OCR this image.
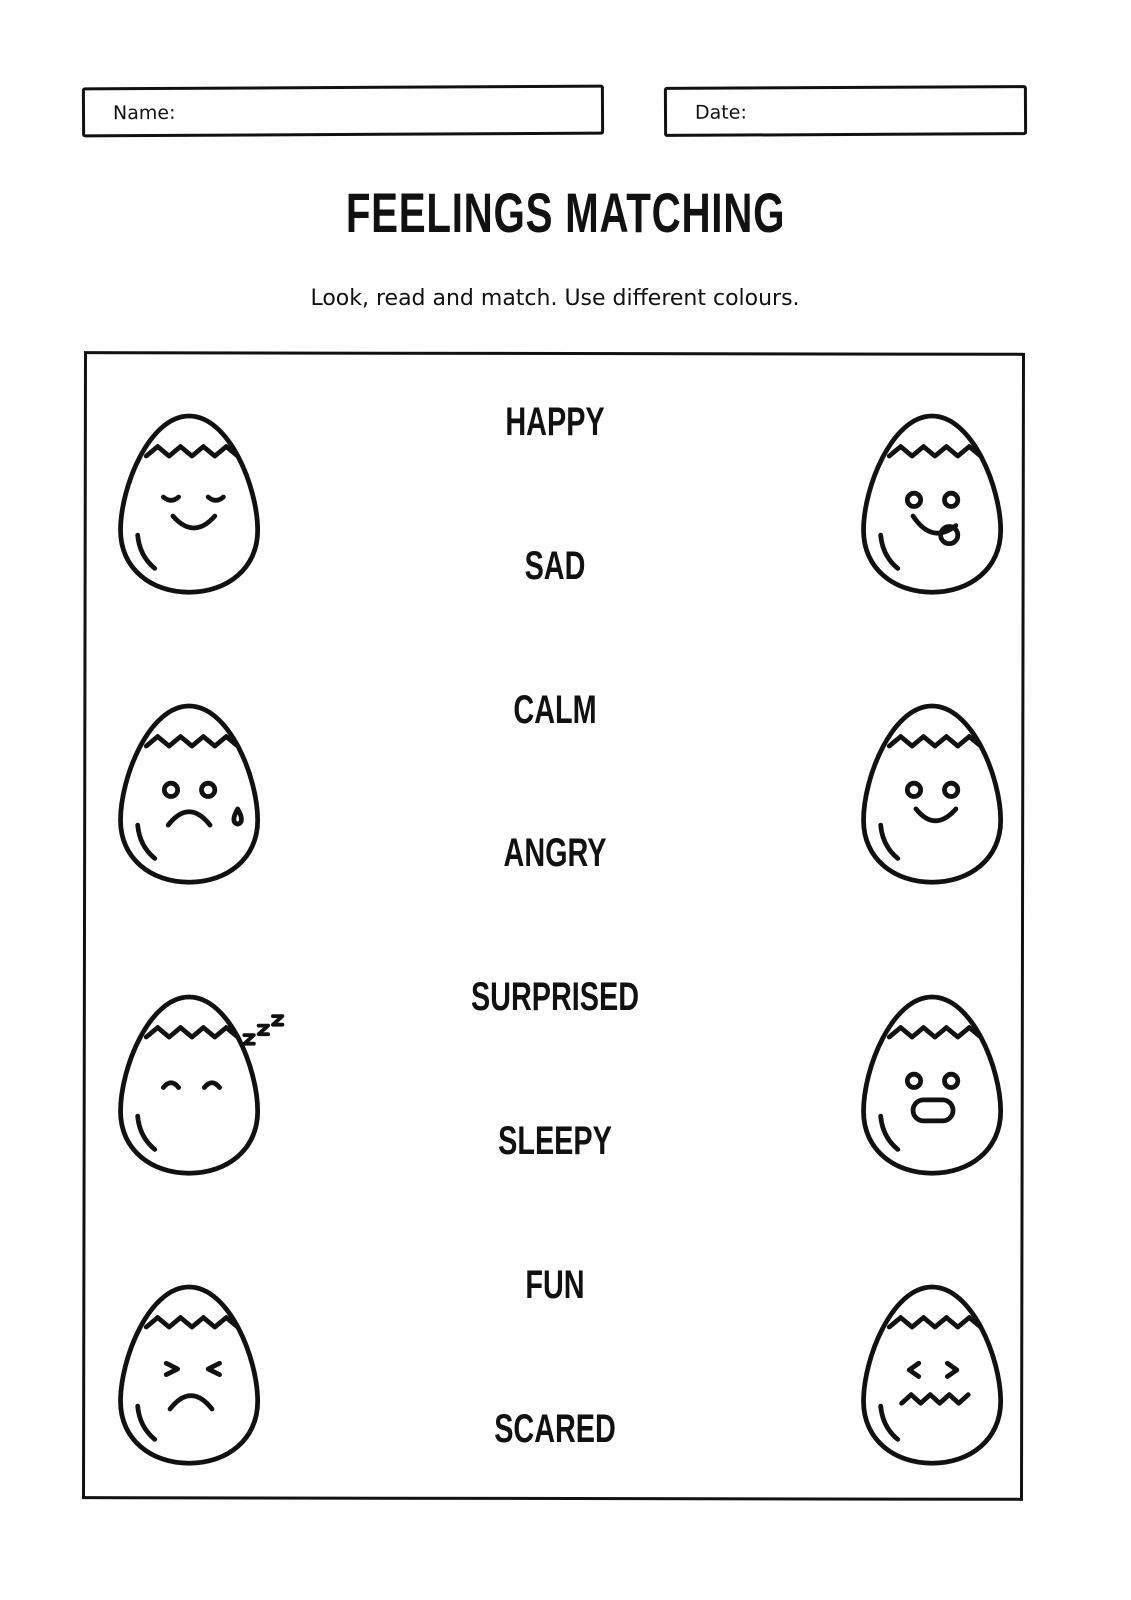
Name:	Date:
FEELINGS MATCHING
Look, read and match. Use different colours.
HAPPY
SAD
CALM
ANGRY
SURPRISED
SLEEPY
FUN
SCARED
